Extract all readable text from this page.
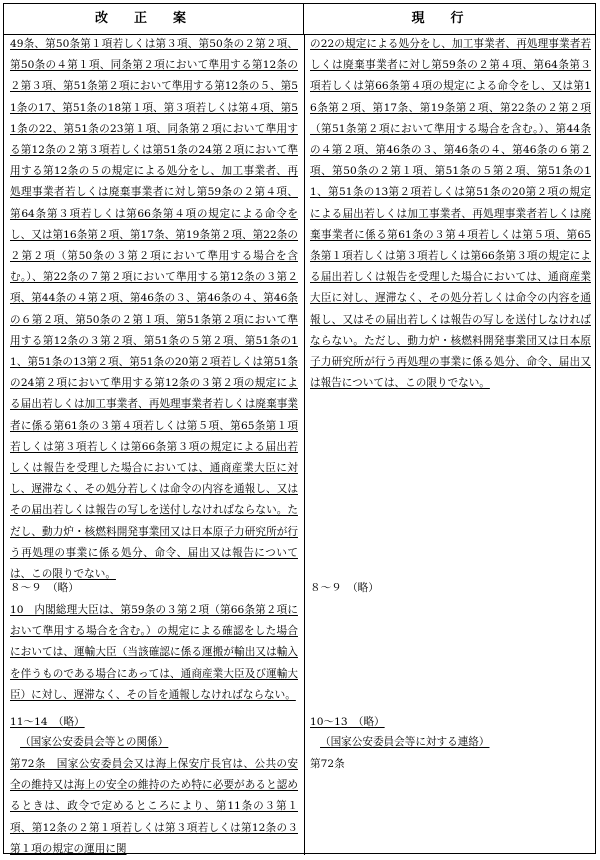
改正案	現行

49条、第50条第１項若しくは第３項、第50条の２第２項、第50条の４第１項、同条第２項において準用する第12条の２第３項、第51条第２項において準用する第12条の５、第51条の17、第51条の18第１項、第３項若しくは第４項、第51条の22、第51条の23第１項、同条第２項において準用する第12条の２第３項若しくは第51条の24第２項において準用する第12条の５の規定による処分をし、加工事業者、再処理事業者若しくは廃棄事業者に対し第59条の２第４項、第64条第３項若しくは第66条第４項の規定による命令をし、又は第16条第２項、第17条、第19条第２項、第22条の２第２項（第50条の３第２項において準用する場合を含む。）、第22条の７第２項において準用する第12条の３第２項、第44条の４第２項、第46条の３、第46条の４、第46条の６第２項、第50条の２第１項、第51条第２項において準用する第12条の３第２項、第51条の５第２項、第51条の11、第51条の13第２項、第51条の20第２項若しくは第51条の24第２項において準用する第12条の３第２項の規定による届出若しくは加工事業者、再処理事業者若しくは廃棄事業者に係る第61条の３第４項若しくは第５項、第65条第１項若しくは第３項若しくは第66条第３項の規定による届出若しくは報告を受理した場合においては、通商産業大臣に対し、遅滞なく、その処分若しくは命令の内容を通報し、又はその届出若しくは報告の写しを送付しなければならない。ただし、動力炉・核燃料開発事業団又は日本原子力研究所が行う再処理の事業に係る処分、命令、届出又は報告については、この限りでない。

８～９　（略）

10　内閣総理大臣は、第59条の３第２項（第66条第２項において準用する場合を含む。）の規定による確認をした場合においては、運輸大臣（当該確認に係る運搬が輸出又は輸入を伴うものである場合にあっては、通商産業大臣及び運輸大臣）に対し、遅滞なく、その旨を通報しなければならない。

11～14　（略）

（国家公安委員会等との関係）

第72条　国家公安委員会又は海上保安庁長官は、公共の安全の維持又は海上の安全の維持のため特に必要があると認めるときは、政令で定めるところにより、第11条の３第１項、第12条の２第１項若しくは第３項若しくは第12条の３第１項の規定の運用に関

の22の規定による処分をし、加工事業者、再処理事業者若しくは廃棄事業者に対し第59条の２第４項、第64条第３項若しくは第66条第４項の規定による命令をし、又は第16条第２項、第17条、第19条第２項、第22条の２第２項（第51条第２項において準用する場合を含む。）、第44条の４第２項、第46条の３、第46条の４、第46条の６第２項、第50条の２第１項、第51条の５第２項、第51条の11、第51条の13第２項若しくは第51条の20第２項の規定による届出若しくは加工事業者、再処理事業者若しくは廃棄事業者に係る第61条の３第４項若しくは第５項、第65条第１項若しくは第３項若しくは第66条第３項の規定による届出若しくは報告を受理した場合においては、通商産業大臣に対し、遅滞なく、その処分若しくは命令の内容を通報し、又はその届出若しくは報告の写しを送付しなければならない。ただし、動力炉・核燃料開発事業団又は日本原子力研究所が行う再処理の事業に係る処分、命令、届出又は報告については、この限りでない。

８～９　（略）

10～13　（略）

（国家公安委員会等に対する連絡）

第72条
